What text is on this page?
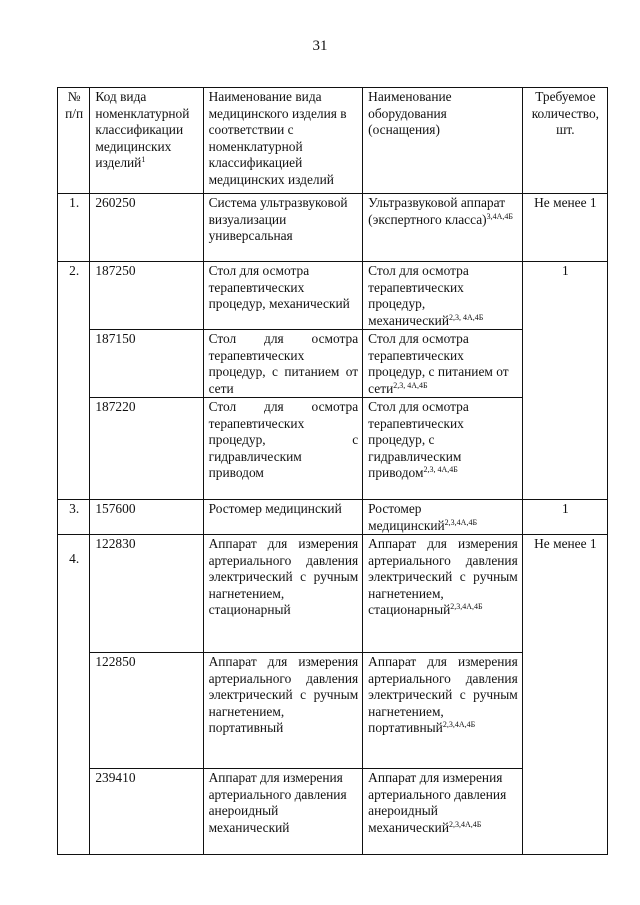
31
№ п/п	Код вида номенклатурной классификации медицинских изделий$^1$	Наименование вида медицинского изделия в соответствии с номенклатурной классификацией медицинских изделий	Наименование оборудования (оснащения)	Требуемое количество, шт.
1.	260250	Система ультразвуковой визуализации универсальная	Ультразвуковой аппарат (экспертного класса)$^{3,4А,4Б}$	Не менее 1
2.	187250	Стол для осмотра терапевтических процедур, механический	Стол для осмотра терапевтических процедур, механический$^{2,3, 4А,4Б}$	1
	187150	Стол для осмотра терапевтических процедур, с питанием от сети	Стол для осмотра терапевтических процедур, с питанием от сети$^{2,3, 4А,4Б}$
	187220	Стол для осмотра терапевтических процедур, с гидравлическим приводом	Стол для осмотра терапевтических процедур, с гидравлическим приводом$^{2,3, 4А,4Б}$
3.	157600	Ростомер медицинский	Ростомер медицинский$^{2,3,4А,4Б}$	1
4.	122830	Аппарат для измерения артериального давления электрический с ручным нагнетением, стационарный	Аппарат для измерения артериального давления электрический с ручным нагнетением, стационарный$^{2,3,4А,4Б}$	Не менее 1
	122850	Аппарат для измерения артериального давления электрический с ручным нагнетением, портативный	Аппарат для измерения артериального давления электрический с ручным нагнетением, портативный$^{2,3,4А,4Б}$
	239410	Аппарат для измерения артериального давления анероидный механический	Аппарат для измерения артериального давления анероидный механический$^{2,3,4А,4Б}$
